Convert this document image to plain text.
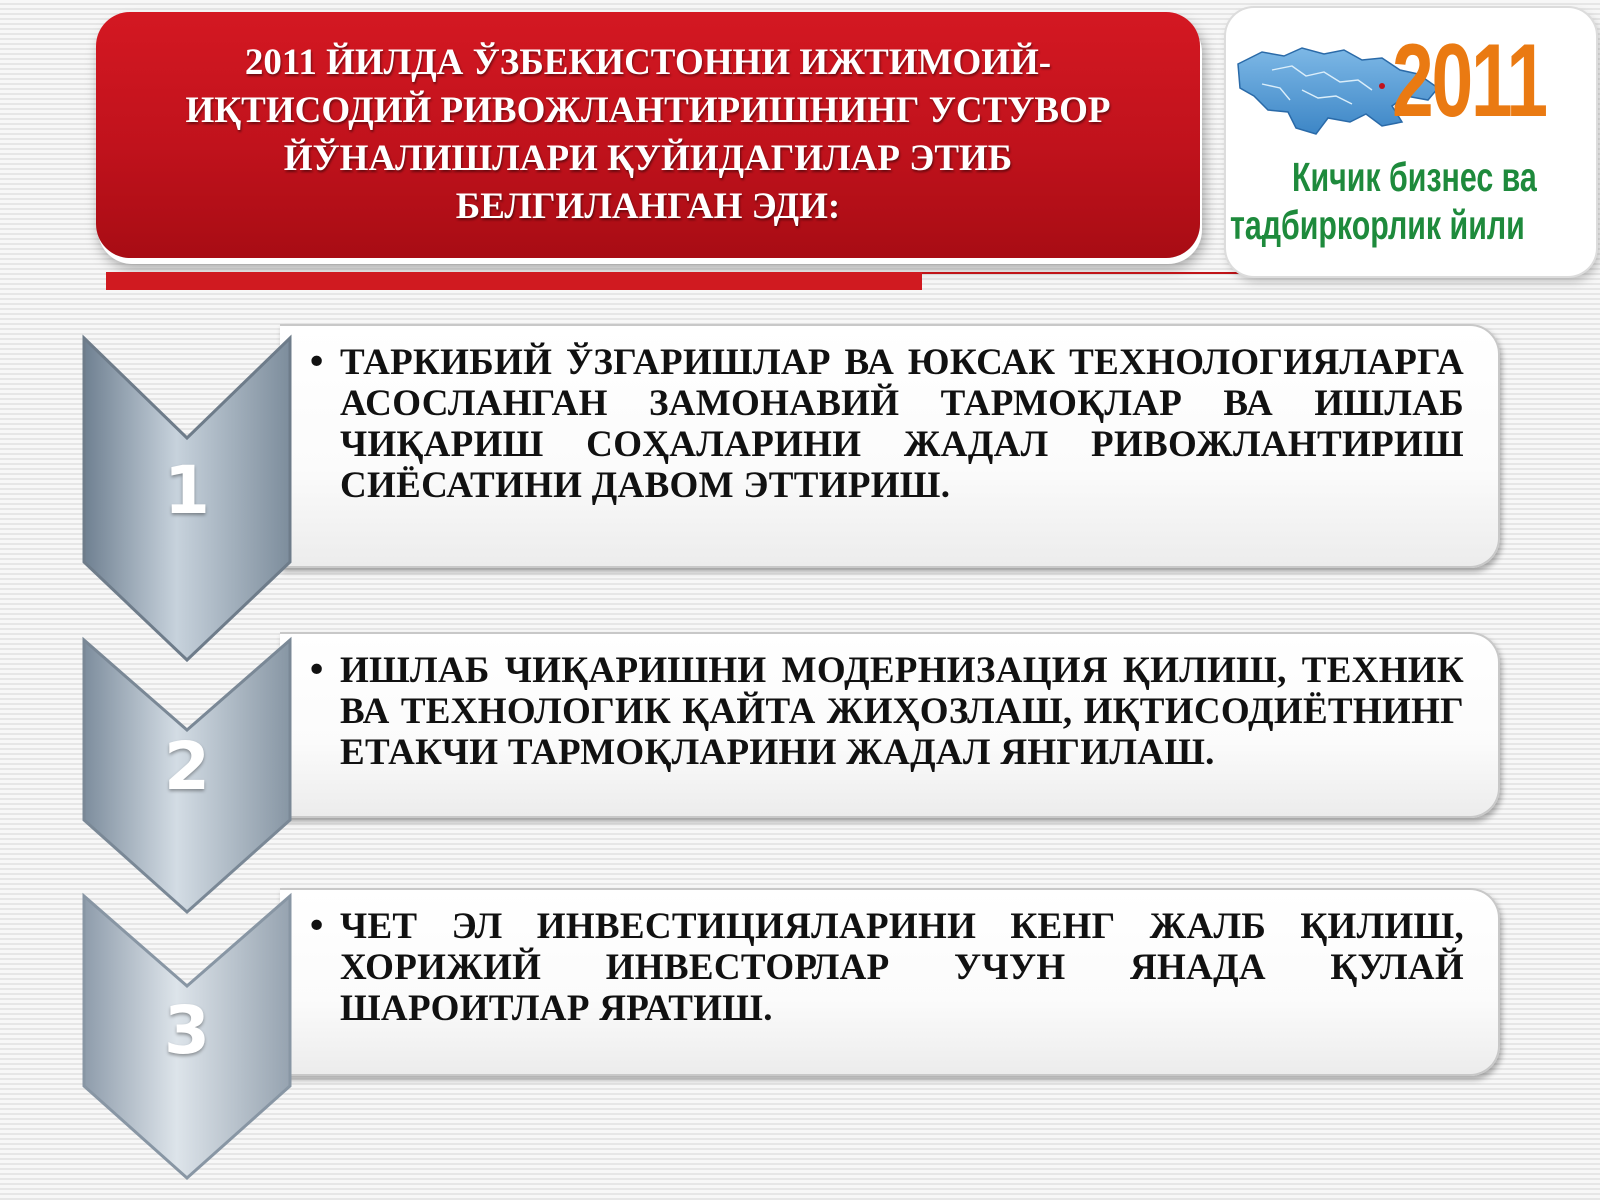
2011 ЙИЛДА ЎЗБЕКИСТОННИ ИЖТИМОИЙ-ИҚТИСОДИЙ РИВОЖЛАНТИРИШНИНГ УСТУВОР ЙЎНАЛИШЛАРИ ҚУЙИДАГИЛАР ЭТИБ БЕЛГИЛАНГАН ЭДИ:

2011

Кичик бизнес ва

тадбиркорлик йили

• ТАРКИБИЙ ЎЗГАРИШЛАР ВА ЮКСАК ТЕХНОЛОГИЯЛАРГА АСОСЛАНГАН ЗАМОНАВИЙ ТАРМОҚЛАР ВА ИШЛАБ ЧИҚАРИШ СОҲАЛАРИНИ ЖАДАЛ РИВОЖЛАНТИРИШ СИЁСАТИНИ ДАВОМ ЭТТИРИШ.

1

• ИШЛАБ ЧИҚАРИШНИ МОДЕРНИЗАЦИЯ ҚИЛИШ, ТЕХНИК ВА ТЕХНОЛОГИК ҚАЙТА ЖИҲОЗЛАШ, ИҚТИСОДИЁТНИНГ ЕТАКЧИ ТАРМОҚЛАРИНИ ЖАДАЛ ЯНГИЛАШ.

2

• ЧЕТ ЭЛ ИНВЕСТИЦИЯЛАРИНИ КЕНГ ЖАЛБ ҚИЛИШ, ХОРИЖИЙ ИНВЕСТОРЛАР УЧУН ЯНАДА ҚУЛАЙ ШАРОИТЛАР ЯРАТИШ.

3
